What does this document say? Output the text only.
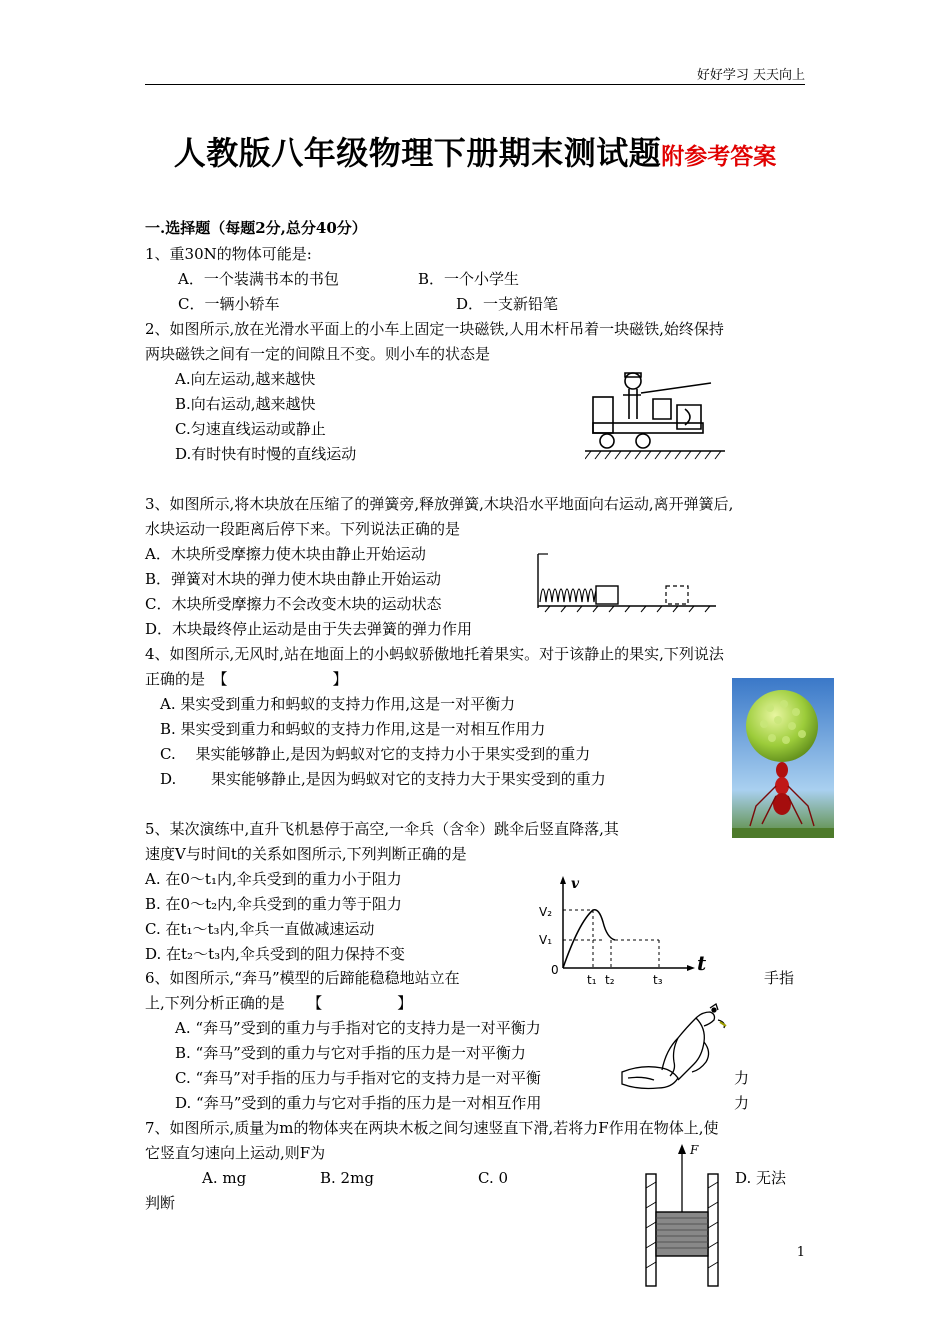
好好学习 天天向上
人教版八年级物理下册期末测试题附参考答案
一.选择题（每题2分,总分40分）
1、重30N的物体可能是:
A．一个装满书本的书包	B．一个小学生
C．一辆小轿车	D．一支新铅笔
2、如图所示,放在光滑水平面上的小车上固定一块磁铁,人用木杆吊着一块磁铁,始终保持
两块磁铁之间有一定的间隙且不变。则小车的状态是
A.向左运动,越来越快
B.向右运动,越来越快
C.匀速直线运动或静止
D.有时快有时慢的直线运动
3、如图所示,将木块放在压缩了的弹簧旁,释放弹簧,木块沿水平地面向右运动,离开弹簧后,
水块运动一段距离后停下来。下列说法正确的是
A．木块所受摩擦力使木块由静止开始运动
B．弹簧对木块的弹力使木块由静止开始运动
C．木块所受摩擦力不会改变木块的运动状态
D．木块最终停止运动是由于失去弹簧的弹力作用
4、如图所示,无风时,站在地面上的小蚂蚁骄傲地托着果实。对于该静止的果实,下列说法
正确的是　【　　　　　　　】
A. 果实受到重力和蚂蚁的支持力作用,这是一对平衡力
B. 果实受到重力和蚂蚁的支持力作用,这是一对相互作用力
C.　 果实能够静止,是因为蚂蚁对它的支持力小于果实受到的重力
D.　　 果实能够静止,是因为蚂蚁对它的支持力大于果实受到的重力
5、某次演练中,直升飞机悬停于高空,一伞兵（含伞）跳伞后竖直降落,其
速度V与时间t的关系如图所示,下列判断正确的是
A. 在0～t₁内,伞兵受到的重力小于阻力
B. 在0～t₂内,伞兵受到的重力等于阻力
C. 在t₁～t₃内,伞兵一直做减速运动
D. 在t₂～t₃内,伞兵受到的阻力保持不变
v
t
V₂
V₁
0
t₁ t₂	t₃
6、如图所示,“奔马”模型的后蹄能稳稳地站立在	手指
上,下列分析正确的是　　【　　　　　】
A. “奔马”受到的重力与手指对它的支持力是一对平衡力
B. “奔马”受到的重力与它对手指的压力是一对平衡力
C. “奔马”对手指的压力与手指对它的支持力是一对平衡	力
D. “奔马”受到的重力与它对手指的压力是一对相互作用	力
7、如图所示,质量为m的物体夹在两块木板之间匀速竖直下滑,若将力F作用在物体上,使
它竖直匀速向上运动,则F为
A. mg	B. 2mg	C. 0	D. 无法
判断
F
1
